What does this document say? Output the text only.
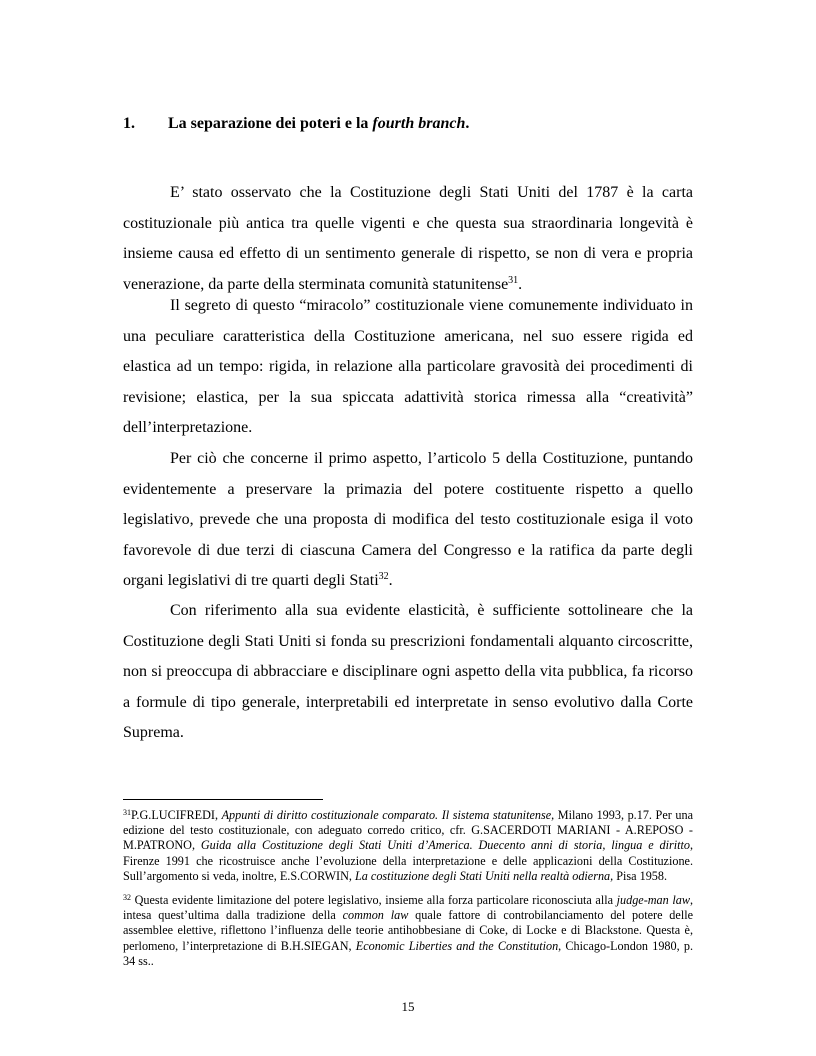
1. La separazione dei poteri e la fourth branch.

E’ stato osservato che la Costituzione degli Stati Uniti del 1787 è la carta costituzionale più antica tra quelle vigenti e che questa sua straordinaria longevità è insieme causa ed effetto di un sentimento generale di rispetto, se non di vera e propria venerazione, da parte della sterminata comunità statunitense$^{31}$.

Il segreto di questo “miracolo” costituzionale viene comunemente individuato in una peculiare caratteristica della Costituzione americana, nel suo essere rigida ed elastica ad un tempo: rigida, in relazione alla particolare gravosità dei procedimenti di revisione; elastica, per la sua spiccata adattività storica rimessa alla “creatività” dell’interpretazione.

Per ciò che concerne il primo aspetto, l’articolo 5 della Costituzione, puntando evidentemente a preservare la primazia del potere costituente rispetto a quello legislativo, prevede che una proposta di modifica del testo costituzionale esiga il voto favorevole di due terzi di ciascuna Camera del Congresso e la ratifica da parte degli organi legislativi di tre quarti degli Stati$^{32}$.

Con riferimento alla sua evidente elasticità, è sufficiente sottolineare che la Costituzione degli Stati Uniti si fonda su prescrizioni fondamentali alquanto circoscritte, non si preoccupa di abbracciare e disciplinare ogni aspetto della vita pubblica, fa ricorso a formule di tipo generale, interpretabili ed interpretate in senso evolutivo dalla Corte Suprema.

$^{31}$P.G.LUCIFREDI, Appunti di diritto costituzionale comparato. Il sistema statunitense, Milano 1993, p.17. Per una edizione del testo costituzionale, con adeguato corredo critico, cfr. G.SACERDOTI MARIANI - A.REPOSO - M.PATRONO, Guida alla Costituzione degli Stati Uniti d’America. Duecento anni di storia, lingua e diritto, Firenze 1991 che ricostruisce anche l’evoluzione della interpretazione e delle applicazioni della Costituzione. Sull’argomento si veda, inoltre, E.S.CORWIN, La costituzione degli Stati Uniti nella realtà odierna, Pisa 1958.

$^{32}$ Questa evidente limitazione del potere legislativo, insieme alla forza particolare riconosciuta alla judge-man law, intesa quest’ultima dalla tradizione della common law quale fattore di controbilanciamento del potere delle assemblee elettive, riflettono l’influenza delle teorie antihobbesiane di Coke, di Locke e di Blackstone. Questa è, perlomeno, l’interpretazione di B.H.SIEGAN, Economic Liberties and the Constitution, Chicago-London 1980, p. 34 ss..

15
